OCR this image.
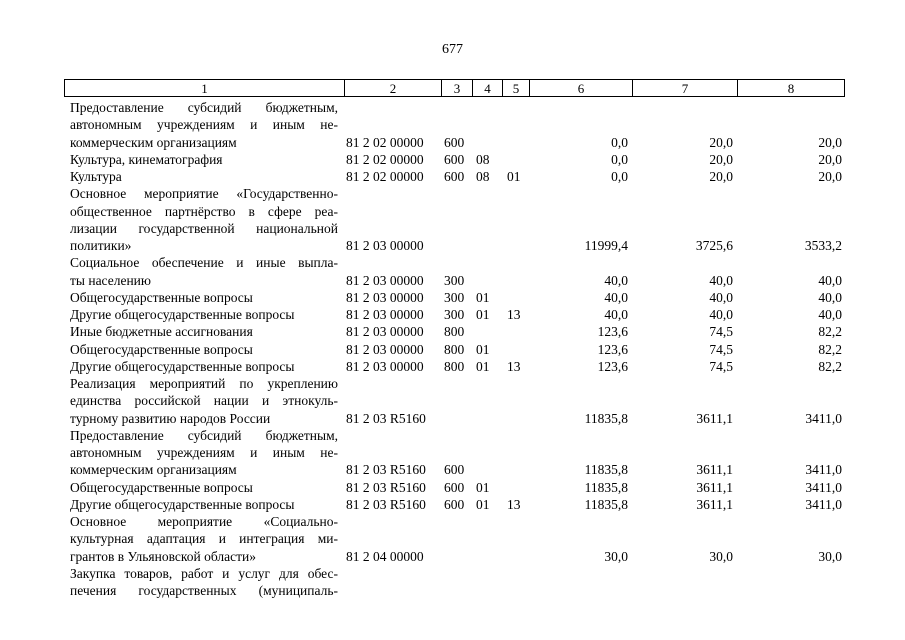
677
1	2	3	4	5	6	7	8
Предоставление субсидий бюджетным,
автономным учреждениям и иным не-
коммерческим организациям	81 2 02 00000 600	0,0	20,0	20,0
Культура, кинематография	81 2 02 00000 600 08	0,0	20,0	20,0
Культура	81 2 02 00000 600 08 01	0,0	20,0	20,0
Основное мероприятие «Государственно-
общественное партнёрство в сфере реа-
лизации государственной национальной
политики»	81 2 03 00000	11999,4	3725,6	3533,2
Социальное обеспечение и иные выпла-
ты населению	81 2 03 00000 300	40,0	40,0	40,0
Общегосударственные вопросы	81 2 03 00000 300 01	40,0	40,0	40,0
Другие общегосударственные вопросы	81 2 03 00000 300 01 13	40,0	40,0	40,0
Иные бюджетные ассигнования	81 2 03 00000 800	123,6	74,5	82,2
Общегосударственные вопросы	81 2 03 00000 800 01	123,6	74,5	82,2
Другие общегосударственные вопросы	81 2 03 00000 800 01 13	123,6	74,5	82,2
Реализация мероприятий по укреплению
единства российской нации и этнокуль-
турному развитию народов России	81 2 03 R5160	11835,8	3611,1	3411,0
Предоставление субсидий бюджетным,
автономным учреждениям и иным не-
коммерческим организациям	81 2 03 R5160 600	11835,8	3611,1	3411,0
Общегосударственные вопросы	81 2 03 R5160 600 01	11835,8	3611,1	3411,0
Другие общегосударственные вопросы	81 2 03 R5160 600 01 13	11835,8	3611,1	3411,0
Основное мероприятие «Социально-
культурная адаптация и интеграция ми-
грантов в Ульяновской области»	81 2 04 00000	30,0	30,0	30,0
Закупка товаров, работ и услуг для обес-
печения государственных (муниципаль-
